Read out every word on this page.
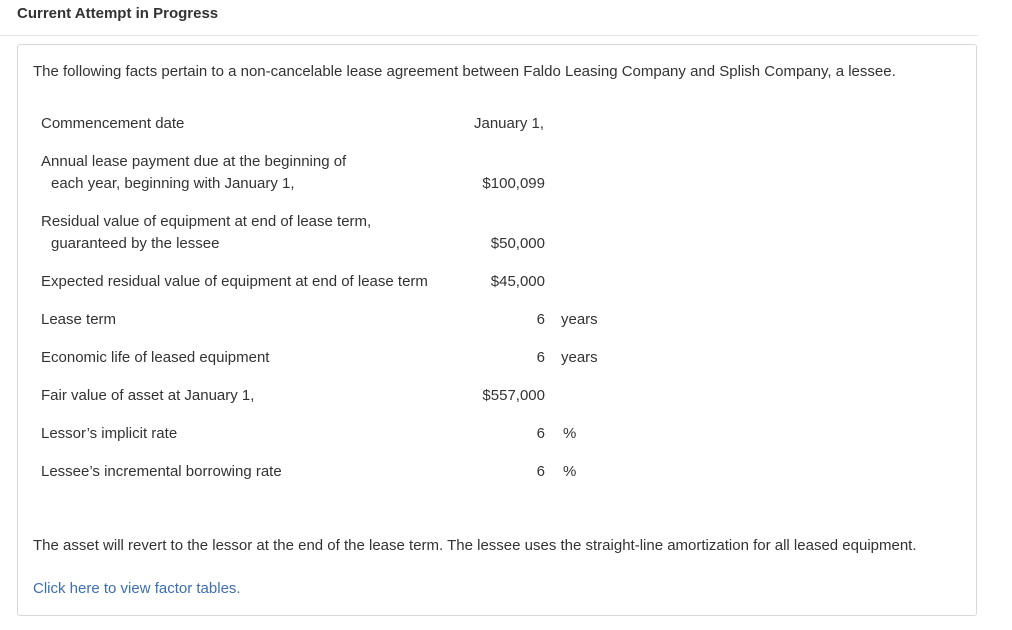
Current Attempt in Progress
The following facts pertain to a non-cancelable lease agreement between Faldo Leasing Company and Splish Company, a lessee.
Commencement date	January 1,
Annual lease payment due at the beginning of
each year, beginning with January 1,	$100,099
Residual value of equipment at end of lease term,
guaranteed by the lessee	$50,000
Expected residual value of equipment at end of lease term	$45,000
Lease term	6 years
Economic life of leased equipment	6 years
Fair value of asset at January 1,	$557,000
Lessor’s implicit rate	6 %
Lessee’s incremental borrowing rate	6 %
The asset will revert to the lessor at the end of the lease term. The lessee uses the straight-line amortization for all leased equipment.
Click here to view factor tables.
